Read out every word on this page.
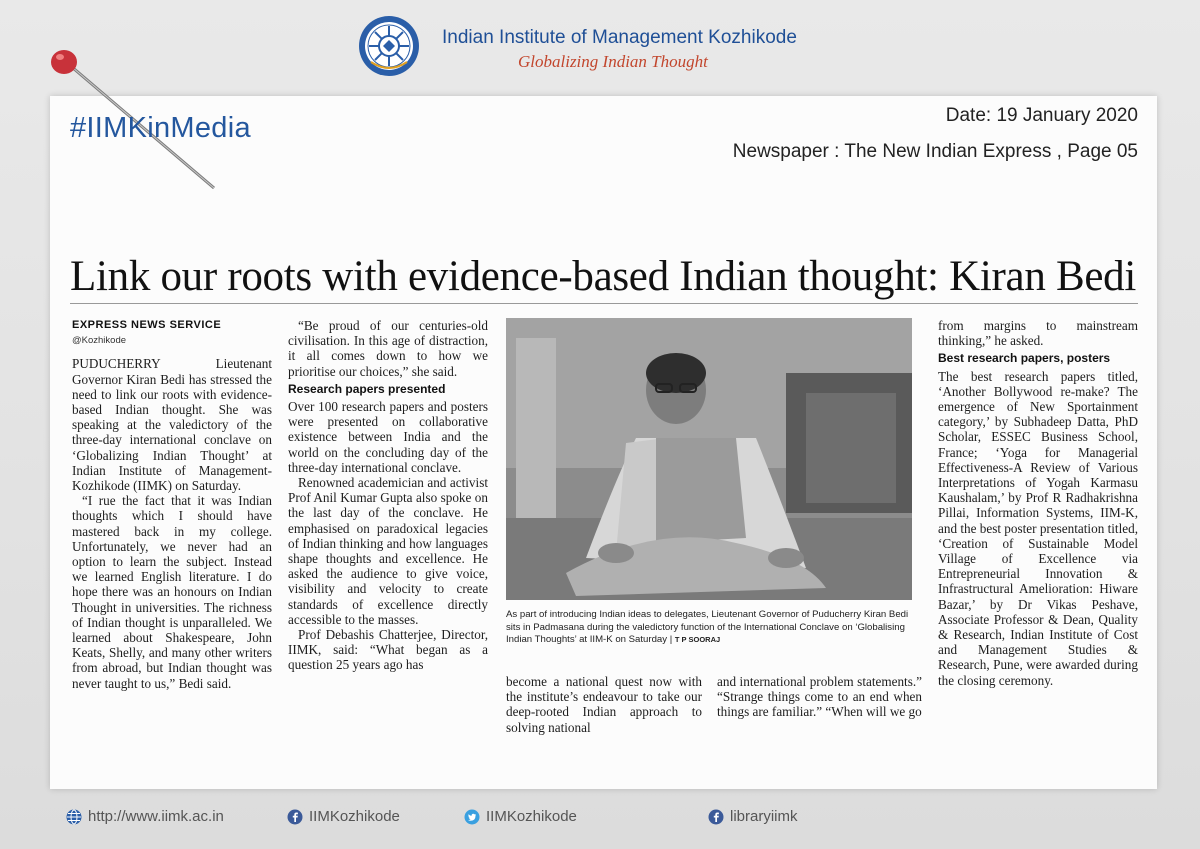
Indian Institute of Management Kozhikode
Globalizing Indian Thought
#IIMKinMedia	Date: 19 January 2020
Newspaper : The New Indian Express , Page 05
Link our roots with evidence-based Indian thought: Kiran Bedi
EXPRESS NEWS SERVICE
@Kozhikode

PUDUCHERRY Lieutenant Governor Kiran Bedi has stressed the need to link our roots with evidence-based Indian thought. She was speaking at the valedictory of the three-day international conclave on ‘Globalizing Indian Thought’ at Indian Institute of Management- Kozhikode (IIMK) on Saturday.

“I rue the fact that it was Indian thoughts which I should have mastered back in my college. Unfortunately, we never had an option to learn the subject. Instead we learned English literature. I do hope there was an honours on Indian Thought in universities. The richness of Indian thought is unparalleled. We learned about Shakespeare, John Keats, Shelly, and many other writers from abroad, but Indian thought was never taught to us,” Bedi said.

“Be proud of our centuries-old civilisation. In this age of distraction, it all comes down to how we prioritise our choices,” she said.

Research papers presented

Over 100 research papers and posters were presented on collaborative existence between India and the world on the concluding day of the three-day international conclave.

Renowned academician and activist Prof Anil Kumar Gupta also spoke on the last day of the conclave. He emphasised on paradoxical legacies of Indian thinking and how languages shape thoughts and excellence. He asked the audience to give voice, visibility and velocity to create standards of excellence directly accessible to the masses.

Prof Debashis Chatterjee, Director, IIMK, said: “What began as a question 25 years ago has

As part of introducing Indian ideas to delegates, Lieutenant Governor of Puducherry Kiran Bedi sits in Padmasana during the valedictory function of the International Conclave on ‘Globalising Indian Thoughts’ at IIM-K on Saturday | T P SOORAJ

become a national quest now with the institute’s endeavour to take our deep-rooted Indian approach to solving national

and international problem statements.” “Strange things come to an end when things are familiar.” “When will we go

from margins to mainstream thinking,” he asked.

Best research papers, posters

The best research papers titled, ‘Another Bollywood re-make? The emergence of New Sportainment category,’ by Subhadeep Datta, PhD Scholar, ESSEC Business School, France; ‘Yoga for Managerial Effectiveness-A Review of Various Interpretations of Yogah Karmasu Kaushalam,’ by Prof R Radhakrishna Pillai, Information Systems, IIM-K, and the best poster presentation titled, ‘Creation of Sustainable Model Village of Excellence via Entrepreneurial Innovation & Infrastructural Amelioration: Hiware Bazar,’ by Dr Vikas Peshave, Associate Professor & Dean, Quality & Research, Indian Institute of Cost and Management Studies & Research, Pune, were awarded during the closing ceremony.

http://www.iimk.ac.in	IIMKozhikode	IIMKozhikode	libraryiimk
